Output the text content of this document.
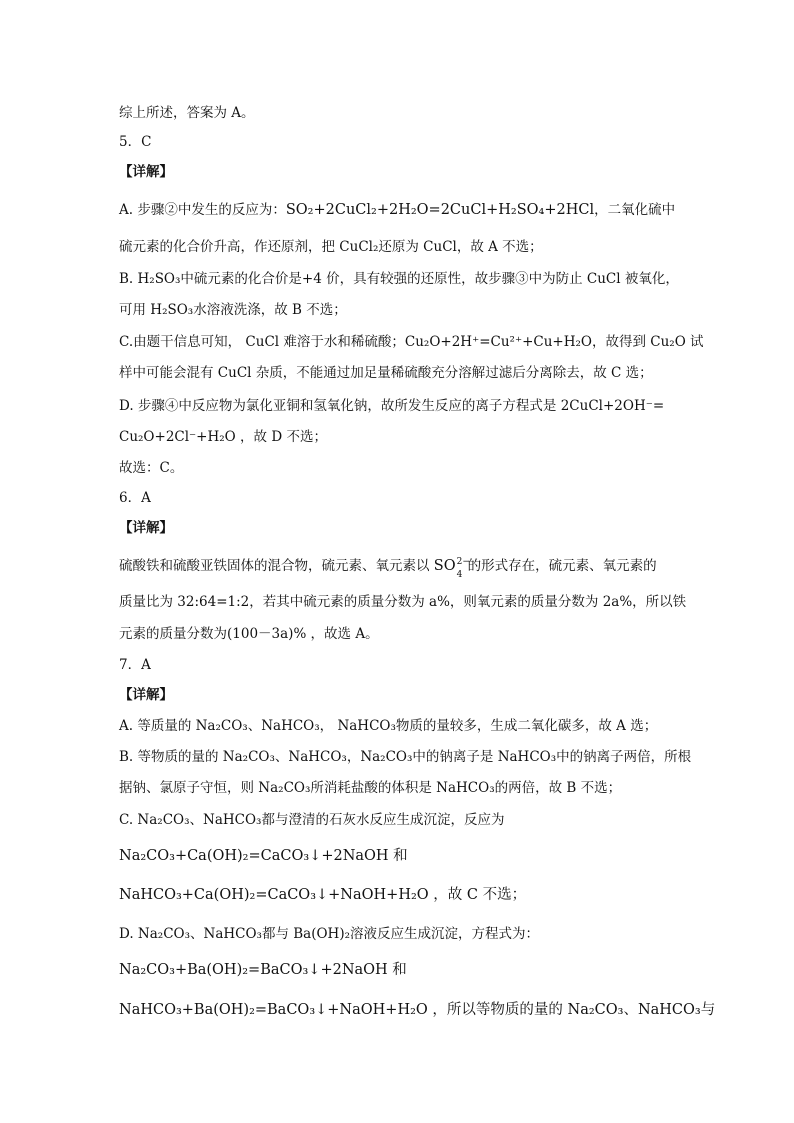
综上所述，答案为 A。
5．C
【详解】
A. 步骤②中发生的反应为：SO₂+2CuCl₂+2H₂O=2CuCl+H₂SO₄+2HCl，二氧化硫中
硫元素的化合价升高，作还原剂，把 CuCl₂还原为 CuCl，故 A 不选；
B. H₂SO₃中硫元素的化合价是+4 价，具有较强的还原性，故步骤③中为防止 CuCl 被氧化，
可用 H₂SO₃水溶液洗涤，故 B 不选；
C.由题干信息可知， CuCl 难溶于水和稀硫酸；Cu₂O+2H⁺=Cu²⁺+Cu+H₂O，故得到 Cu₂O 试
样中可能会混有 CuCl 杂质，不能通过加足量稀硫酸充分溶解过滤后分离除去，故 C 选；
D. 步骤④中反应物为氯化亚铜和氢氧化钠，故所发生反应的离子方程式是 2CuCl+2OH⁻=
Cu₂O+2Cl⁻+H₂O ，故 D 不选；
故选：C。
6．A
【详解】
硫酸铁和硫酸亚铁固体的混合物，硫元素、氧元素以 SO 2−
4
的形式存在，硫元素、氧元素的
质量比为 32:64=1:2，若其中硫元素的质量分数为 a%，则氧元素的质量分数为 2a%，所以铁
元素的质量分数为(100－3a)% ，故选 A。
7．A
【详解】
A. 等质量的 Na₂CO₃、NaHCO₃， NaHCO₃物质的量较多，生成二氧化碳多，故 A 选；
B. 等物质的量的 Na₂CO₃、NaHCO₃，Na₂CO₃中的钠离子是 NaHCO₃中的钠离子两倍，所根
据钠、氯原子守恒，则 Na₂CO₃所消耗盐酸的体积是 NaHCO₃的两倍，故 B 不选；
C. Na₂CO₃、NaHCO₃都与澄清的石灰水反应生成沉淀，反应为
Na₂CO₃+Ca(OH)₂=CaCO₃↓+2NaOH 和
NaHCO₃+Ca(OH)₂=CaCO₃↓+NaOH+H₂O ，故 C 不选；
D. Na₂CO₃、NaHCO₃都与 Ba(OH)₂溶液反应生成沉淀，方程式为：
Na₂CO₃+Ba(OH)₂=BaCO₃↓+2NaOH 和
NaHCO₃+Ba(OH)₂=BaCO₃↓+NaOH+H₂O ，所以等物质的量的 Na₂CO₃、NaHCO₃与
